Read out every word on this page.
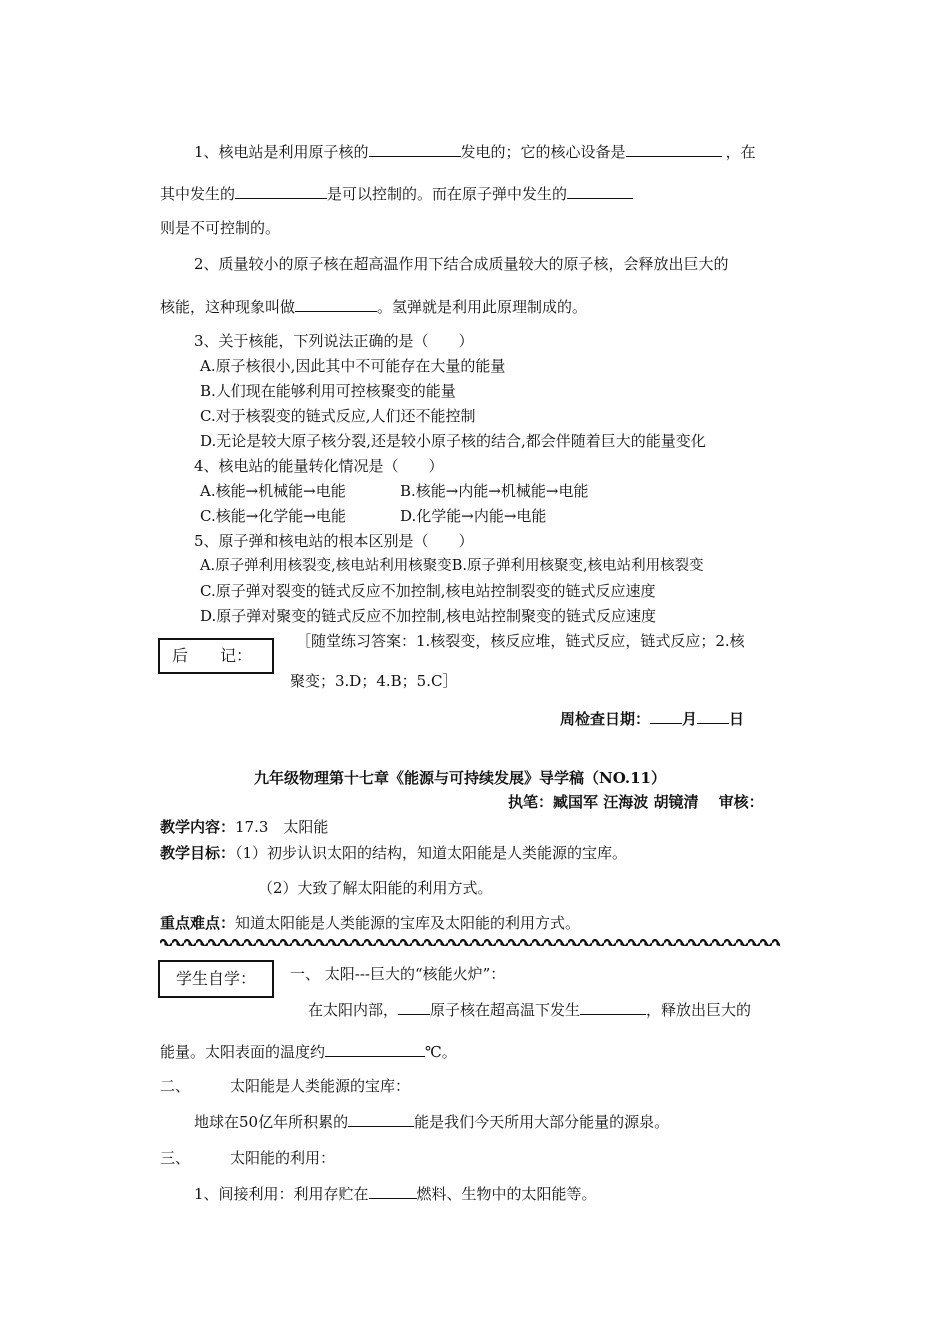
1、核电站是利用原子核的	发电的；它的核心设备是	，在
其中发生的	是可以控制的。而在原子弹中发生的
则是不可控制的。
2、质量较小的原子核在超高温作用下结合成质量较大的原子核，会释放出巨大的
核能，这种现象叫做	。氢弹就是利用此原理制成的。
3、关于核能，下列说法正确的是（　　）
A.原子核很小,因此其中不可能存在大量的能量
B.人们现在能够利用可控核聚变的能量
C.对于核裂变的链式反应,人们还不能控制
D.无论是较大原子核分裂,还是较小原子核的结合,都会伴随着巨大的能量变化
4、核电站的能量转化情况是（　　）
A.核能→机械能→电能	B.核能→内能→机械能→电能
C.核能→化学能→电能	D.化学能→内能→电能
5、原子弹和核电站的根本区别是（　　）
A.原子弹利用核裂变,核电站利用核聚变B.原子弹利用核聚变,核电站利用核裂变
C.原子弹对裂变的链式反应不加控制,核电站控制裂变的链式反应速度
D.原子弹对聚变的链式反应不加控制,核电站控制聚变的链式反应速度
后　　记：
［随堂练习答案：1.核裂变，核反应堆，链式反应，链式反应；2.核
聚变；3.D；4.B；5.C］
周检查日期： 月 日
九年级物理第十七章《能源与可持续发展》导学稿（NO.11）
执笔：臧国军 汪海波 胡镜清　 审核：
教学内容：17.3　太阳能
教学目标：（1）初步认识太阳的结构，知道太阳能是人类能源的宝库。
（2）大致了解太阳能的利用方式。
重点难点：知道太阳能是人类能源的宝库及太阳能的利用方式。
学生自学： 一、 太阳---巨大的“核能火炉”：
在太阳内部， 原子核在超高温下发生	，释放出巨大的
能量。太阳表面的温度约	℃。
二、	太阳能是人类能源的宝库：
地球在50亿年所积累的	能是我们今天所用大部分能量的源泉。
三、	太阳能的利用：
1、间接利用：利用存贮在	燃料、生物中的太阳能等。
